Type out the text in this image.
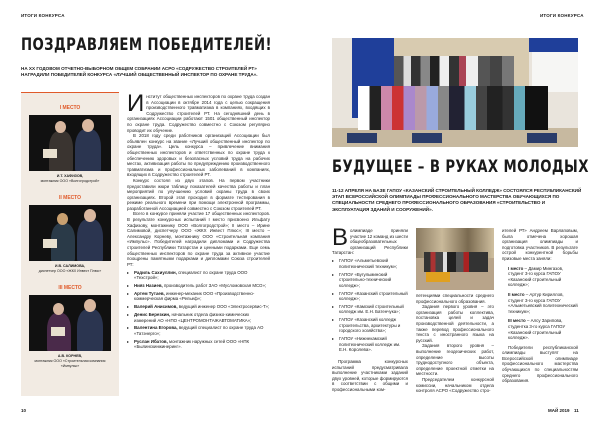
ИТОГИ КОНКУРСА
ПОЗДРАВЛЯЕМ ПОБЕДИТЕЛЕЙ!
НА XX ГОДОВОМ ОТЧЕТНО-ВЫБОРНОМ ОБЩЕМ СОБРАНИИ АСРО «СОДРУЖЕСТВО СТРОИТЕЛЕЙ РТ» НАГРАДИЛИ ПОБЕДИТЕЛЕЙ КОНКУРСА «ЛУЧШИЙ ОБЩЕСТВЕННЫЙ ИНСПЕКТОР ПО ОХРАНЕ ТРУДА».
I МЕСТО
И.Т. ХАФИЗОВ,
монтажник ООО «Волгогродстрой»
II МЕСТО
И.В. САЛИМОВА,
диспетчер ООО «ЖКХ Инвест Плюс»
III МЕСТО
А.В. КОРНЕВ,
монтажник ООО «Строительная компания «Импульс»
И нститут общественных инспекторов по охране труда создан в Ассоциации в октябре 2014 года с целью сокращения производственного травматизма в компаниях, входящих в Содружество строителей РТ. На сегодняшний день в организациях Ассоциации работают 1501 общественный инспектор по охране труда. Содружество совместно с Союзом регулярно проводит их обучение.

В 2018 году среди работников организаций Ассоциации был объявлен конкурс на звание «Лучший общественный инспектор по охране труда». Цель конкурса – привлечение внимания общественных инспекторов и ответственных по охране труда к обеспечению здоровых и безопасных условий труда на рабочих местах, активизация работы по предупреждению производственного травматизма и профессиональных заболеваний в компаниях, входящих в Содружество строителей РТ.

Конкурс состоял из двух этапов. На первом участники предоставили жюри таблицу показателей качества работы и план мероприятий по улучшению условий охраны труда в своих организациях. Второй этап проходил в формате тестирования в режиме реального времени при помощи электронной программы, разработанной Ассоциацией совместно с Союзом строителей РТ.

Всего в конкурсе приняли участие 17 общественных инспекторов. В результате конкурсных испытаний I место присвоено Ильфату Хафизову, монтажнику ООО «Волгогродстрой»; II место – Ирине Салимовой, диспетчеру ООО «ЖКХ Инвест Плюс»; III место – Александру Корневу, монтажнику ООО «Строительная компания «Импульс». Победителей наградили дипломами и Содружества строителей Республики Татарстан и ценными подарками. Еще семь общественных инспекторов по охране труда за активное участие поощрены памятными подарками и дипломами Союза строителей РТ:

▸ Радиль Сахиуллин, специалист по охране труда ООО «Техстрой»;
▸ Нияз Назиев, производитель работ ЗАО «Мусломовская МСО»;
▸ Артем Тутаев, инженер-механик ООО «Производственно-коммерческая фирма «Рельеф»;
▸ Валерий Анисимов, ведущий инженер ООО «Электросервис-Т»;
▸ Денис Березкин, начальник отдела физико-химических измерений АО «НПО «ЦЕНТРОМОНТАЖАВТОМАТИКА»;
▸ Валентина Егорова, ведущий специалист по охране труда АО «Татэнерго»;
▸ Руслан Ибатов, монтажник наружных сетей ООО «НПК «Былинскинжинеринг».
10
ИТОГИ КОНКУРСА
БУДУЩЕЕ – В РУКАХ МОЛОДЫХ
11-12 АПРЕЛЯ НА БАЗЕ ГАПОУ «КАЗАНСКИЙ СТРОИТЕЛЬНЫЙ КОЛЛЕДЖ» СОСТОЯЛСЯ РЕСПУБЛИКАНСКИЙ ЭТАП ВСЕРОССИЙСКОЙ ОЛИМПИАДЫ ПРОФЕССИОНАЛЬНОГО МАСТЕРСТВА ОБУЧАЮЩИХСЯ ПО СПЕЦИАЛЬНОСТИ СРЕДНЕГО ПРОФЕССИОНАЛЬНОГО ОБРАЗОВАНИЯ «СТРОИТЕЛЬСТВО И ЭКСПЛУАТАЦИЯ ЗДАНИЙ И СООРУЖЕНИЙ».
В олимпиаде приняли участие 12 команд из шести общеобразовательных организаций Республики Татарстан:

▸ ГАПОУ «Альметьевский политехнический техникум»;
▸ ГАПОУ «Бугульминский строительно-технический колледж»;
▸ ГАПОУ «Казанский строительный колледж»;
▸ ГАПОУ «Камский строительный колледж им. Е.Н. Батенчука»;
▸ ГАПОУ «Казанский колледж строительства, архитектуры и городского хозяйства»;
▸ ГАПОУ «Нижнекамский политехнический колледж им. Е.Н. Королева».

Программа конкурсных испытаний предусматривала выполнение участниками заданий двух уровней, которые формируются в соответствии с общими и профессиональными ком-

петенциями специальности среднего профессионального образования.

Задания первого уровня – это организация работы коллектива, постановка целей и задач производственной деятельности, а также перевод профессионального текста с иностранного языка на русский.

Задания второго уровня – выполнение геодезических работ, определение высоты труднодоступного объекта, определение проектной отметки на местности.

Председателем конкурсной комиссии, начальником отдела контроля АСРО «Содружество стро-

ителей РТ» Андреем Варлаповым, была отмечена хорошая организация олимпиады и подготовка участников. В результате острой конкурентной борьбы призовые места заняли:

I место – Дамир Мингазов, студент 3-го курса ГАПОУ «Казанский строительный колледж»;

II место – Артур Кириллов, студент 3-го курса ГАПОУ «Альметьевский политехнический техникум»;

III место – Алсу Зарипова, студентка 3-го курса ГАПОУ «Казанский строительный колледж».

Победители республиканской олимпиады выступят на Всероссийской олимпиаде профессионального мастерства обучающихся по специальностям среднего профессионального образования.

МАЙ 2019 11
